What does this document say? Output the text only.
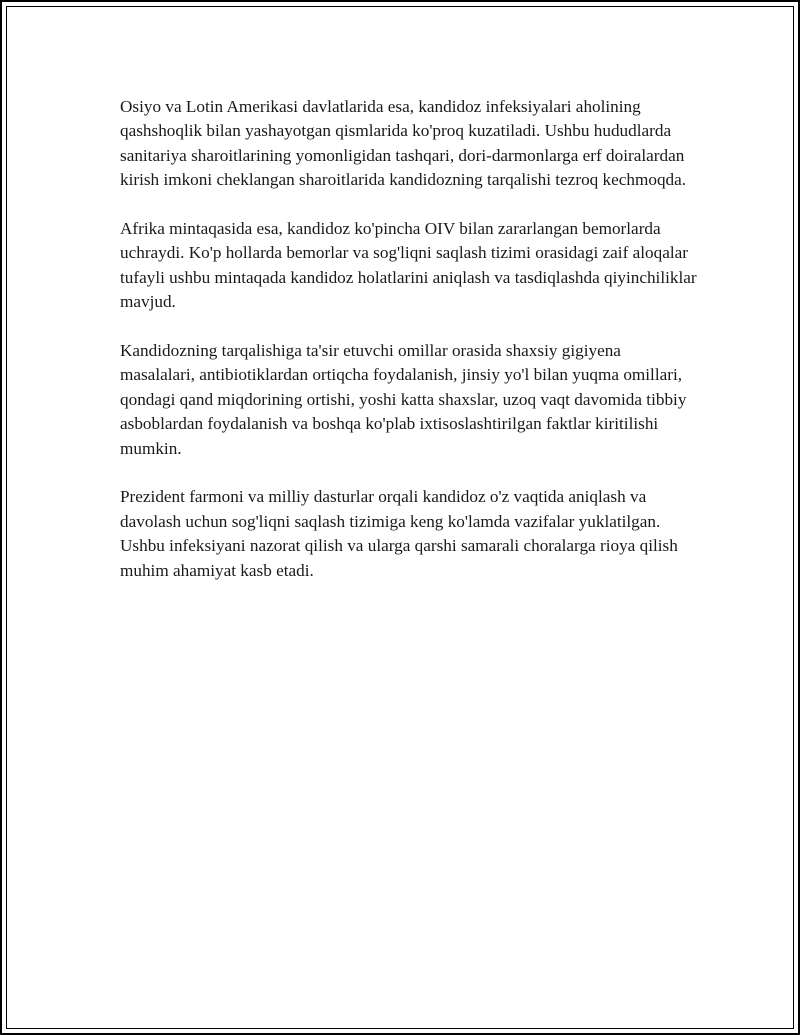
Osiyo va Lotin Amerikasi davlatlarida esa, kandidoz infeksiyalari aholining qashshoqlik bilan yashayotgan qismlarida ko'proq kuzatiladi. Ushbu hududlarda sanitariya sharoitlarining yomonligidan tashqari, dori-darmonlarga erf doiralardan kirish imkoni cheklangan sharoitlarida kandidozning tarqalishi tezroq kechmoqda.

Afrika mintaqasida esa, kandidoz ko'pincha OIV bilan zararlangan bemorlarda uchraydi. Ko'p hollarda bemorlar va sog'liqni saqlash tizimi orasidagi zaif aloqalar tufayli ushbu mintaqada kandidoz holatlarini aniqlash va tasdiqlashda qiyinchiliklar mavjud.

Kandidozning tarqalishiga ta'sir etuvchi omillar orasida shaxsiy gigiyena masalalari, antibiotiklardan ortiqcha foydalanish, jinsiy yo'l bilan yuqma omillari, qondagi qand miqdorining ortishi, yoshi katta shaxslar, uzoq vaqt davomida tibbiy asboblardan foydalanish va boshqa ko'plab ixtisoslashtirilgan faktlar kiritilishi mumkin.

Prezident farmoni va milliy dasturlar orqali kandidoz o'z vaqtida aniqlash va davolash uchun sog'liqni saqlash tizimiga keng ko'lamda vazifalar yuklatilgan. Ushbu infeksiyani nazorat qilish va ularga qarshi samarali choralarga rioya qilish muhim ahamiyat kasb etadi.
